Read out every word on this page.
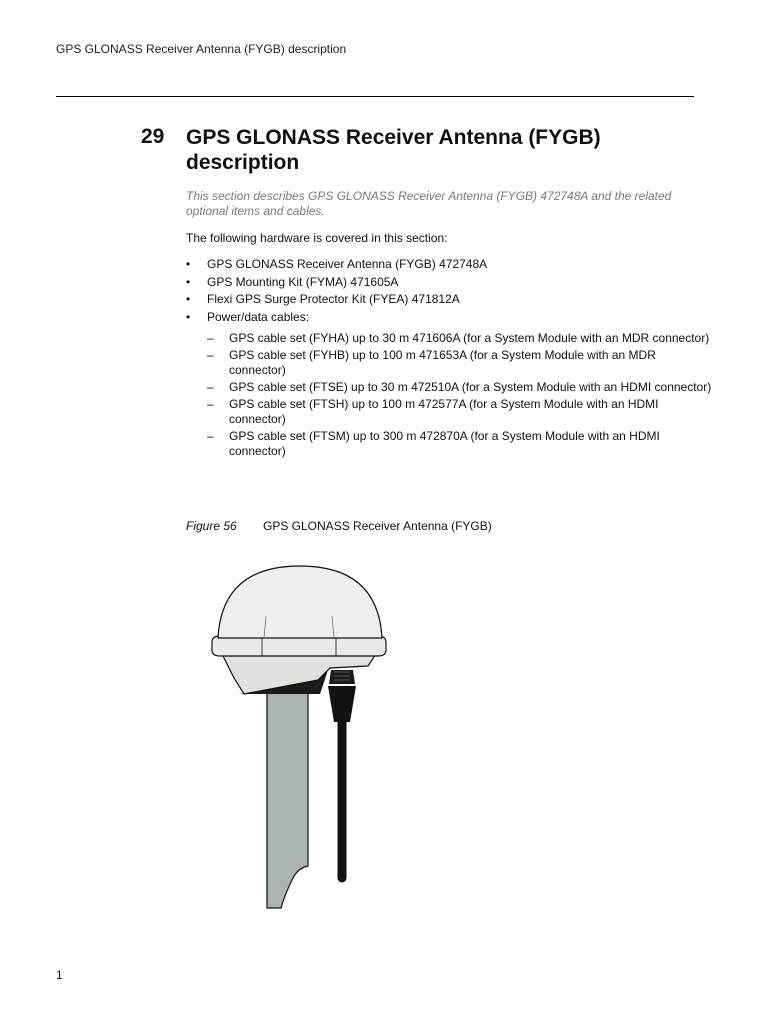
GPS GLONASS Receiver Antenna (FYGB) description
29 GPS GLONASS Receiver Antenna (FYGB) description

This section describes GPS GLONASS Receiver Antenna (FYGB) 472748A and the related optional items and cables.

The following hardware is covered in this section:

• GPS GLONASS Receiver Antenna (FYGB) 472748A
• GPS Mounting Kit (FYMA) 471605A
• Flexi GPS Surge Protector Kit (FYEA) 471812A
• Power/data cables:
– GPS cable set (FYHA) up to 30 m 471606A (for a System Module with an MDR connector)
– GPS cable set (FYHB) up to 100 m 471653A (for a System Module with an MDR connector)
– GPS cable set (FTSE) up to 30 m 472510A (for a System Module with an HDMI connector)
– GPS cable set (FTSH) up to 100 m 472577A (for a System Module with an HDMI connector)
– GPS cable set (FTSM) up to 300 m 472870A (for a System Module with an HDMI connector)
Figure 56 GPS GLONASS Receiver Antenna (FYGB)
1
